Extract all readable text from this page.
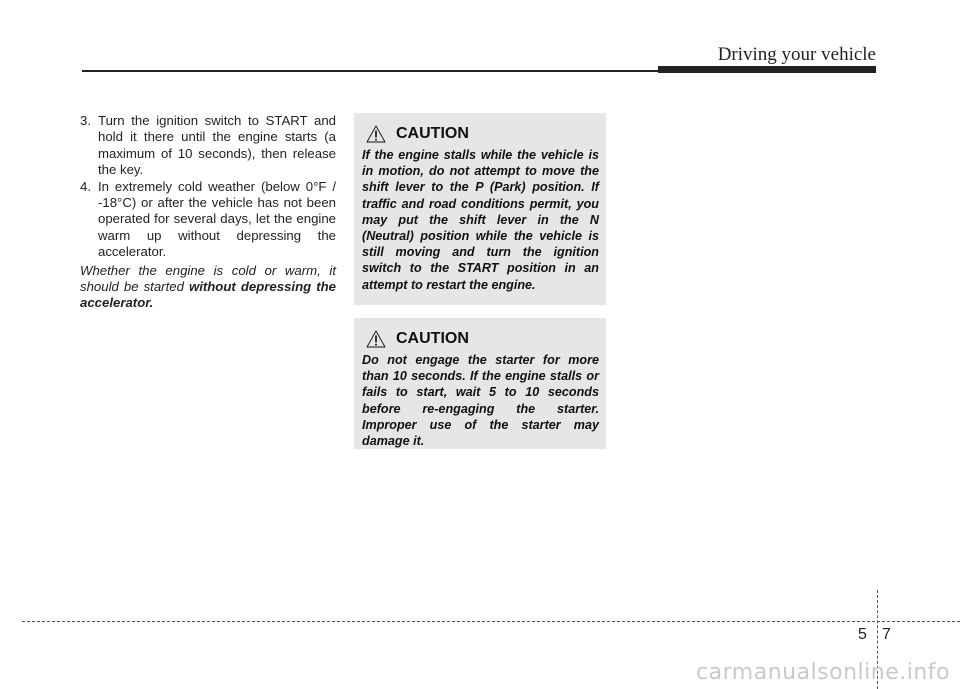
Driving your vehicle
3. Turn the ignition switch to START and hold it there until the engine starts (a maximum of 10 seconds), then release the key.
4. In extremely cold weather (below 0°F / -18°C) or after the vehicle has not been operated for several days, let the engine warm up without depressing the accelerator.
Whether the engine is cold or warm, it should be started without depressing the accelerator.
CAUTION
If the engine stalls while the vehicle is in motion, do not attempt to move the shift lever to the P (Park) position. If traffic and road conditions permit, you may put the shift lever in the N (Neutral) position while the vehicle is still moving and turn the ignition switch to the START position in an attempt to restart the engine.
CAUTION
Do not engage the starter for more than 10 seconds. If the engine stalls or fails to start, wait 5 to 10 seconds before re-engaging the starter. Improper use of the starter may damage it.
5 7
carmanualsonline.info
